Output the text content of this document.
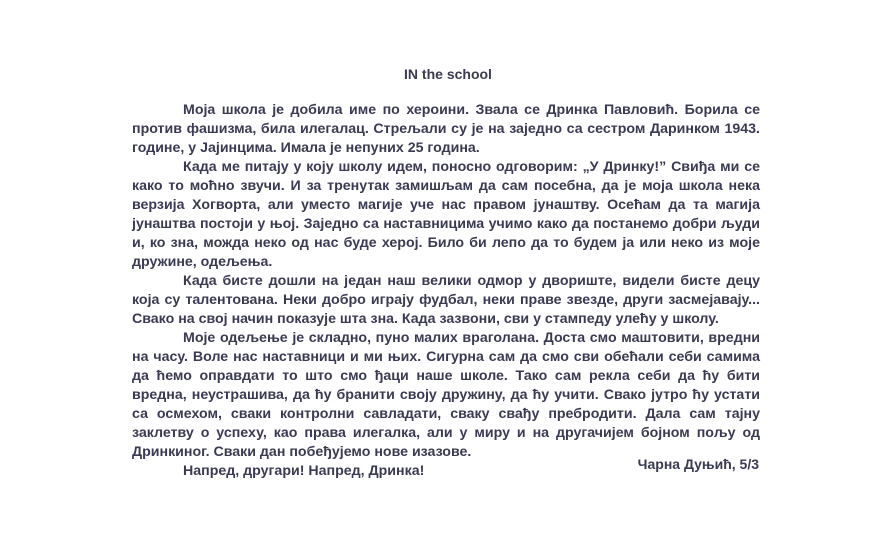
IN the school

Моја школа је добила име по хероини. Звала се Дринка Павловић. Борила се против фашизма, била илегалац. Стрељали су је на заједно са сестром Даринком 1943. године, у Јајинцима. Имала је непуних 25 година.

Када ме питају у коју школу идем, поносно одговорим: „У Дринку!” Свиђа ми се како то моћно звучи. И за тренутак замишљам да сам посебна, да је моја школа нека верзија Хогворта, али уместо магије уче нас правом јунаштву. Осећам да та магија јунаштва постоји у њој. Заједно са наставницима учимо како да постанемо добри људи и, ко зна, можда неко од нас буде херој. Било би лепо да то будем ја или неко из моје дружине, одељења.

Када бисте дошли на један наш велики одмор у двориште, видели бисте децу која су талентована. Неки добро играју фудбал, неки праве звезде, други засмејавају... Свако на свој начин показује шта зна. Када зазвони, сви у стампеду улећу у школу.

Моје одељење је складно, пуно малих враголана. Доста смо маштовити, вредни на часу. Воле нас наставници и ми њих. Сигурна сам да смо сви обећали себи самима да ћемо оправдати то што смо ђаци наше школе. Тако сам рекла себи да ћу бити вредна, неустрашива, да ћу бранити своју дружину, да ћу учити. Свако јутро ћу устати са осмехом, сваки контролни савладати, сваку свађу пребродити. Дала сам тајну заклетву о успеху, као права илегалка, али у миру и на другачијем бојном пољу од Дринкиног. Сваки дан побеђујемо нове изазове.

Напред, другари! Напред, Дринка!	Чарна Дуњић, 5/3
